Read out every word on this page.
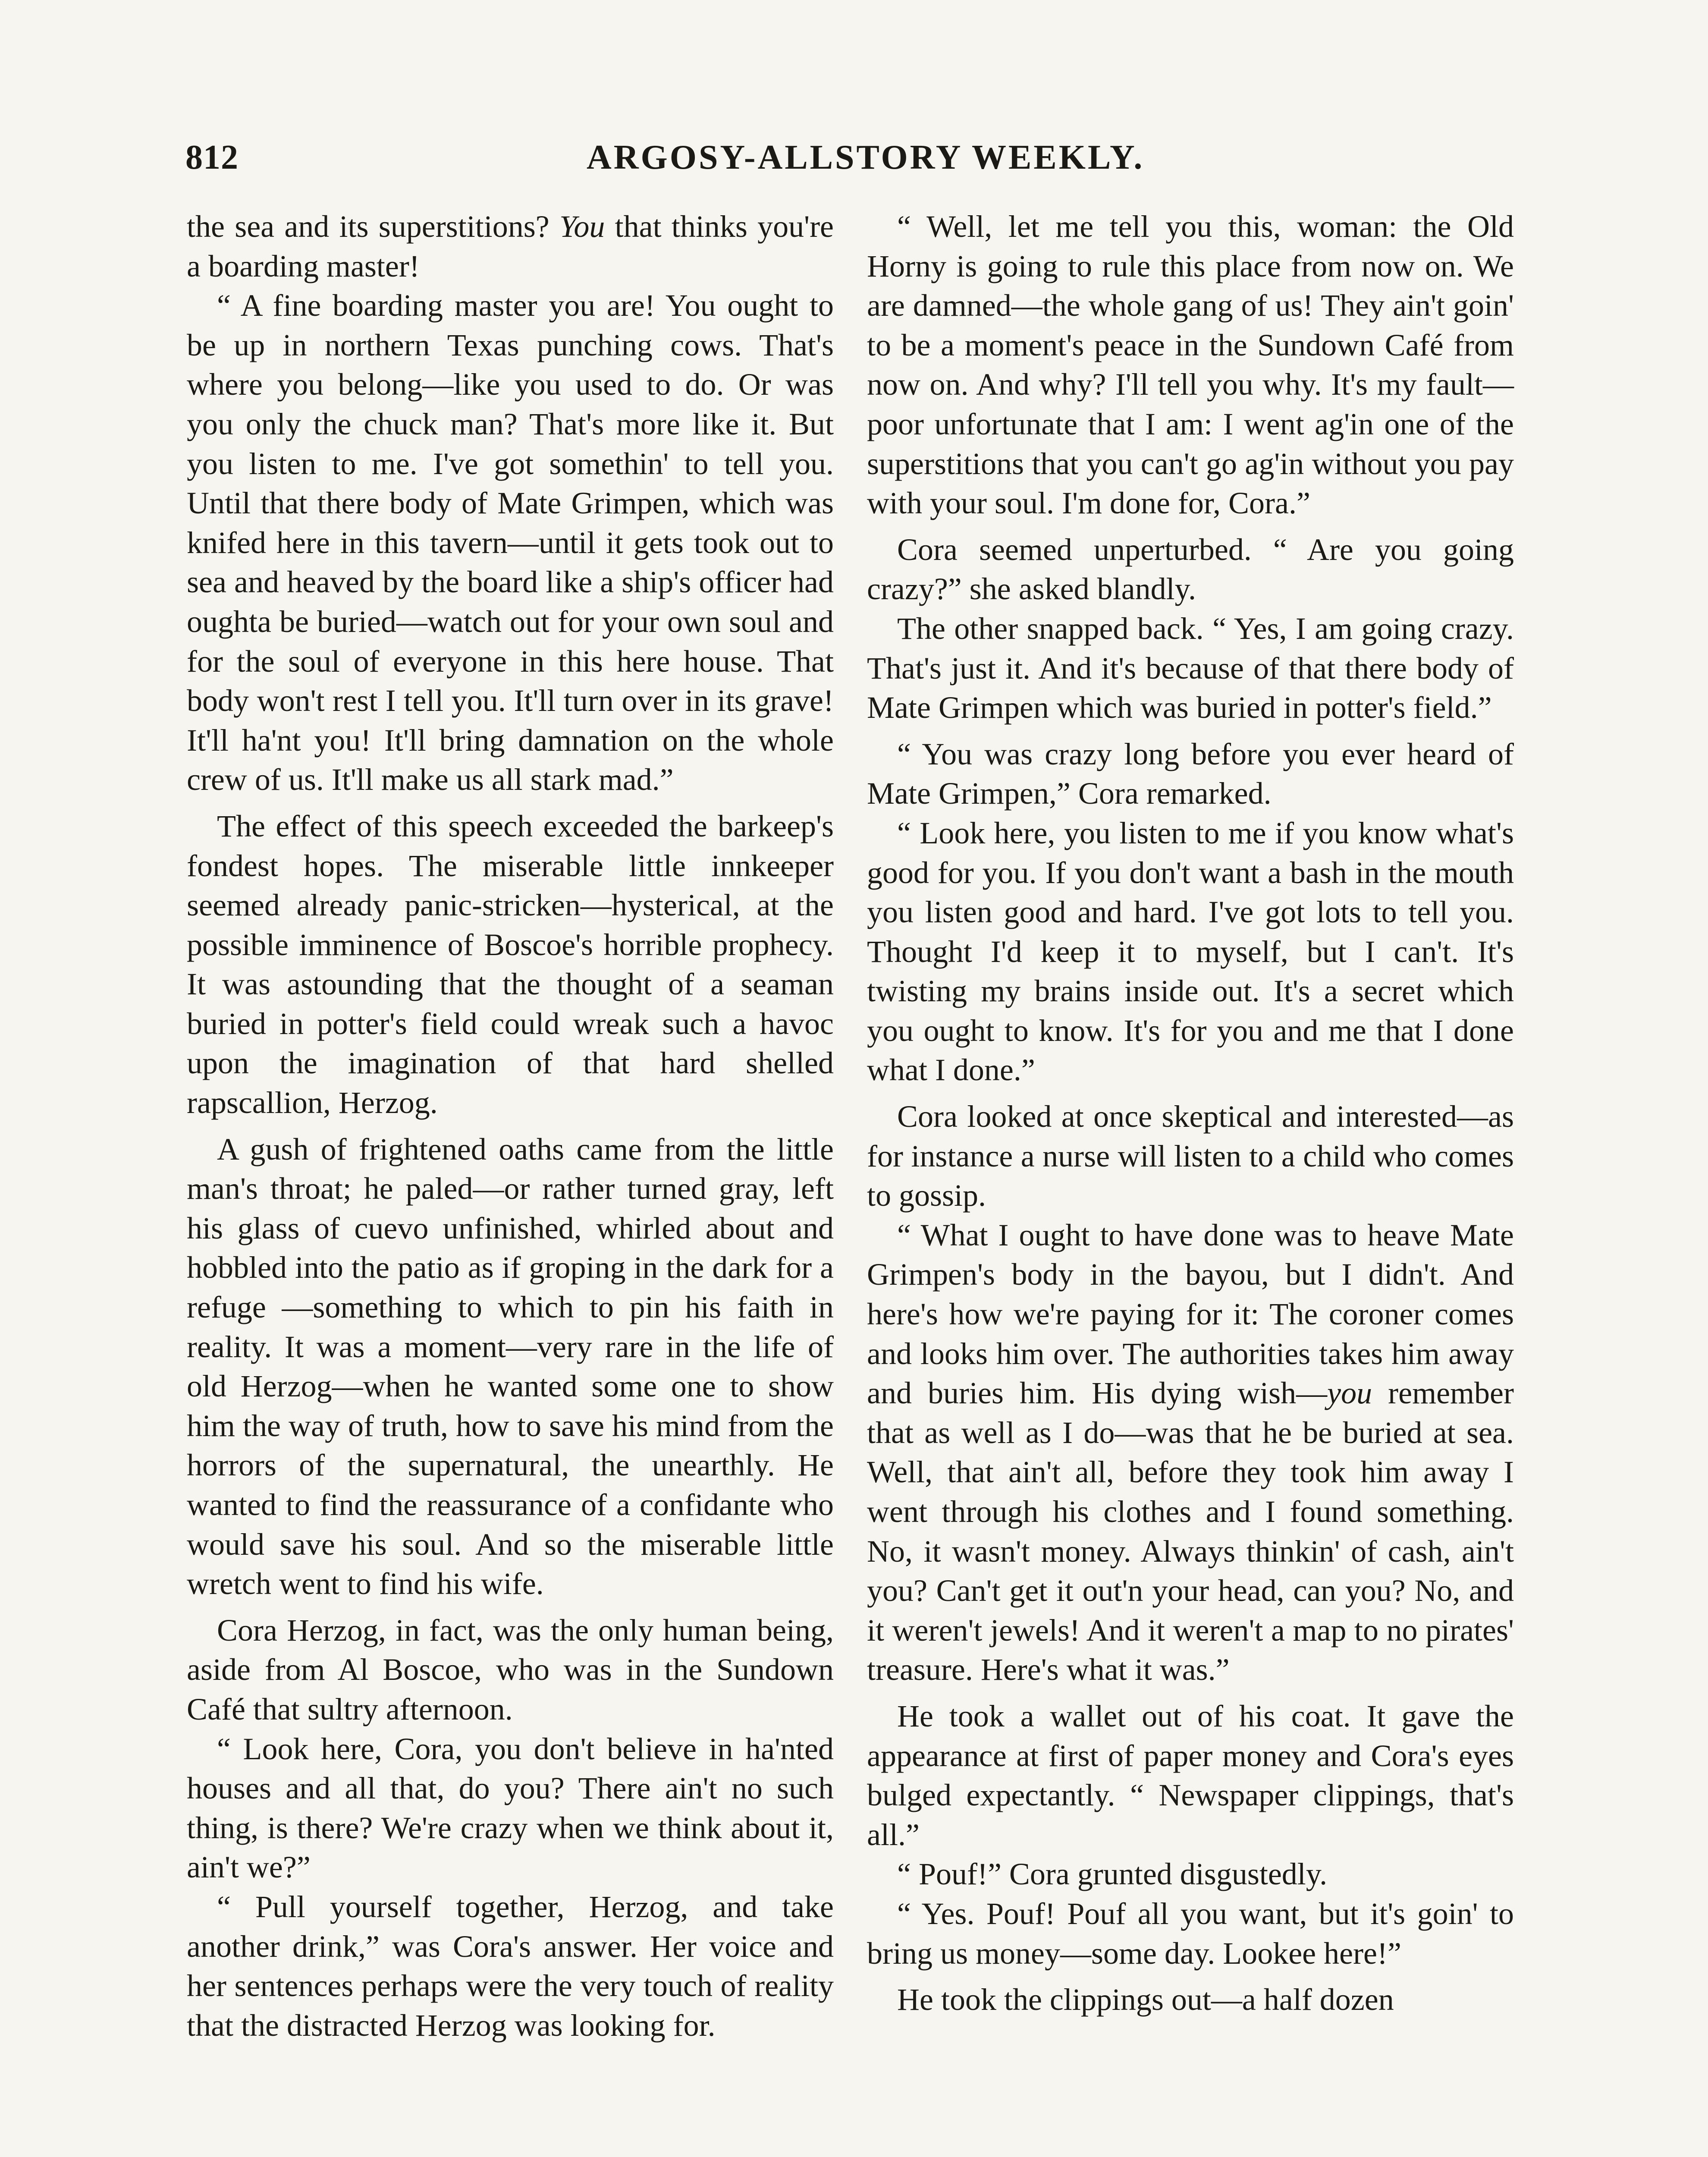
812	ARGOSY-ALLSTORY WEEKLY.

the sea and its superstitions? You that thinks you're a boarding master!

“ A fine boarding master you are! You ought to be up in northern Texas punching cows. That's where you belong—like you used to do. Or was you only the chuck man? That's more like it. But you listen to me. I've got somethin' to tell you. Until that there body of Mate Grimpen, which was knifed here in this tavern—until it gets took out to sea and heaved by the board like a ship's officer had oughta be buried—watch out for your own soul and for the soul of everyone in this here house. That body won't rest I tell you. It'll turn over in its grave! It'll ha'nt you! It'll bring damnation on the whole crew of us. It'll make us all stark mad.”

The effect of this speech exceeded the barkeep's fondest hopes. The miserable little innkeeper seemed already panic-stricken—hysterical, at the possible imminence of Boscoe's horrible prophecy. It was astounding that the thought of a seaman buried in potter's field could wreak such a havoc upon the imagination of that hard shelled rapscallion, Herzog.

A gush of frightened oaths came from the little man's throat; he paled—or rather turned gray, left his glass of cuevo unfinished, whirled about and hobbled into the patio as if groping in the dark for a refuge —something to which to pin his faith in reality. It was a moment—very rare in the life of old Herzog—when he wanted some one to show him the way of truth, how to save his mind from the horrors of the supernatural, the unearthly. He wanted to find the reassurance of a confidante who would save his soul. And so the miserable little wretch went to find his wife.

Cora Herzog, in fact, was the only human being, aside from Al Boscoe, who was in the Sundown Café that sultry afternoon.

“ Look here, Cora, you don't believe in ha'nted houses and all that, do you? There ain't no such thing, is there? We're crazy when we think about it, ain't we?”

“ Pull yourself together, Herzog, and take another drink,” was Cora's answer. Her voice and her sentences perhaps were the very touch of reality that the distracted Herzog was looking for.

“ Well, let me tell you this, woman: the Old Horny is going to rule this place from now on. We are damned—the whole gang of us! They ain't goin' to be a moment's peace in the Sundown Café from now on. And why? I'll tell you why. It's my fault—poor unfortunate that I am: I went ag'in one of the superstitions that you can't go ag'in without you pay with your soul. I'm done for, Cora.”

Cora seemed unperturbed. “ Are you going crazy?” she asked blandly.

The other snapped back. “ Yes, I am going crazy. That's just it. And it's because of that there body of Mate Grimpen which was buried in potter's field.”

“ You was crazy long before you ever heard of Mate Grimpen,” Cora remarked.

“ Look here, you listen to me if you know what's good for you. If you don't want a bash in the mouth you listen good and hard. I've got lots to tell you. Thought I'd keep it to myself, but I can't. It's twisting my brains inside out. It's a secret which you ought to know. It's for you and me that I done what I done.”

Cora looked at once skeptical and interested—as for instance a nurse will listen to a child who comes to gossip.

“ What I ought to have done was to heave Mate Grimpen's body in the bayou, but I didn't. And here's how we're paying for it: The coroner comes and looks him over. The authorities takes him away and buries him. His dying wish—you remember that as well as I do—was that he be buried at sea. Well, that ain't all, before they took him away I went through his clothes and I found something. No, it wasn't money. Always thinkin' of cash, ain't you? Can't get it out'n your head, can you? No, and it weren't jewels! And it weren't a map to no pirates' treasure. Here's what it was.”

He took a wallet out of his coat. It gave the appearance at first of paper money and Cora's eyes bulged expectantly. “ Newspaper clippings, that's all.”

“ Pouf!” Cora grunted disgustedly.

“ Yes. Pouf! Pouf all you want, but it's goin' to bring us money—some day. Lookee here!”

He took the clippings out—a half dozen
